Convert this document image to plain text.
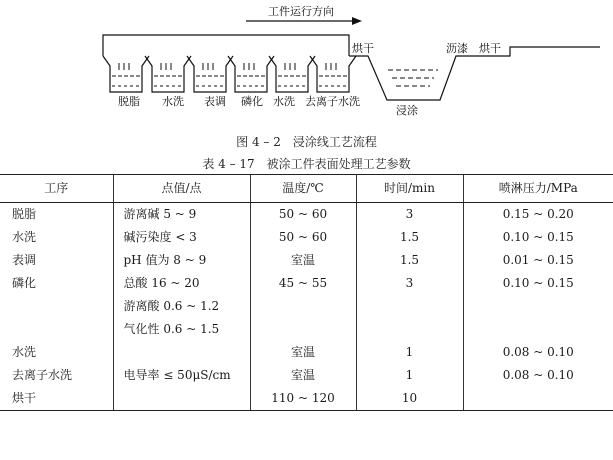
工件运行方向
脱脂 水洗 表调 磷化 水洗 去离子水洗
烘干
浸涂
沥漆 烘干
图 4 – 2　浸涂线工艺流程
表 4 – 17　被涂工件表面处理工艺参数
工序	点值/点	温度/℃	时间/min	喷淋压力/MPa
脱脂	游离碱 5 ~ 9	50 ~ 60	3	0.15 ~ 0.20
水洗	碱污染度 < 3	50 ~ 60	1.5	0.10 ~ 0.15
表调	pH 值为 8 ~ 9	室温	1.5	0.01 ~ 0.15
磷化	总酸 16 ~ 20	45 ~ 55	3	0.10 ~ 0.15
	游离酸 0.6 ~ 1.2			
	气化性 0.6 ~ 1.5			
水洗		室温	1	0.08 ~ 0.10
去离子水洗	电导率 ≤ 50μS/cm	室温	1	0.08 ~ 0.10
烘干		110 ~ 120	10	
